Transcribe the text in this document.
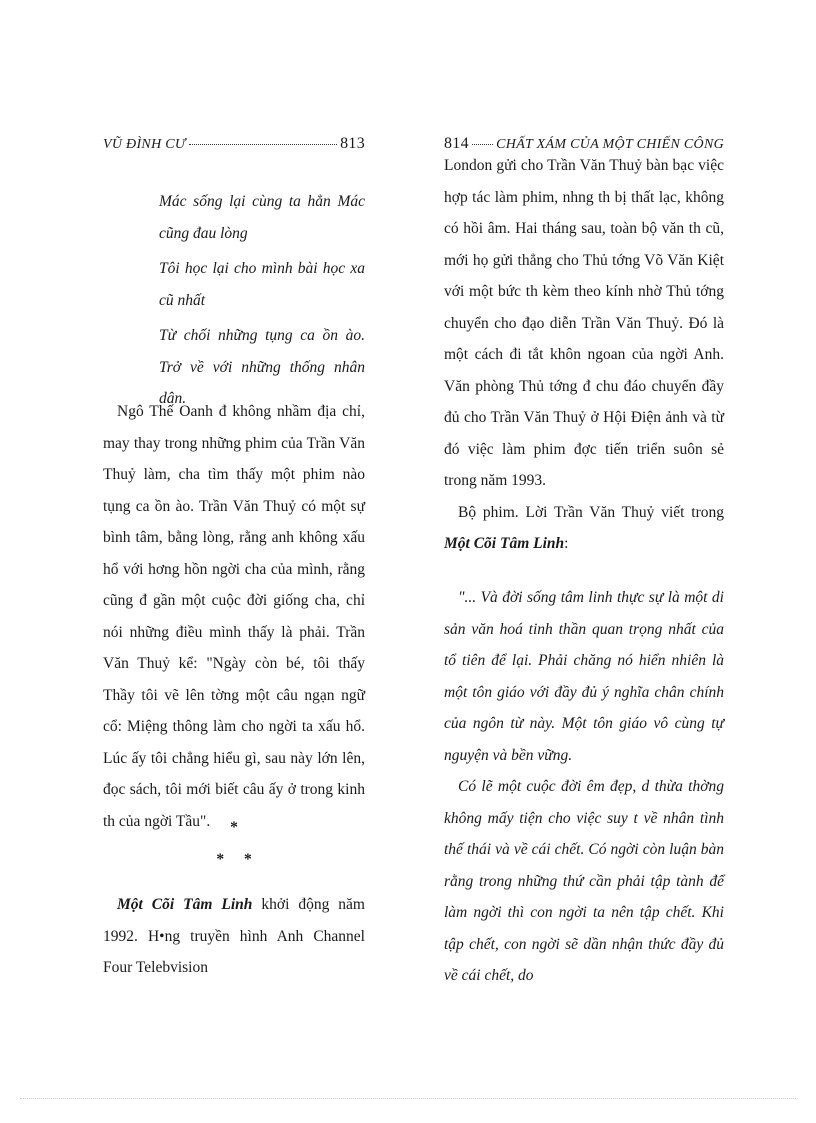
VŨ ĐÌNH CƯ	813

Mác sống lại cùng ta hẳn Mác cũng đau lòng

Tôi học lại cho mình bài học xa cũ nhất

Từ chối những tụng ca ồn ào. Trở về với những thống nhân dân.

Ngô Thế Oanh đ không nhầm địa chỉ, may thay trong những phim của Trần Văn Thuỷ làm, cha tìm thấy một phim nào tụng ca ồn ào. Trần Văn Thuỷ có một sự bình tâm, bằng lòng, rằng anh không xấu hổ với hơng hồn ngời cha của mình, rằng cũng đ gần một cuộc đời giống cha, chỉ nói những điều mình thấy là phải. Trần Văn Thuỷ kể: "Ngày còn bé, tôi thấy Thầy tôi vẽ lên tờng một câu ngạn ngữ cổ: Miệng thông làm cho ngời ta xấu hổ. Lúc ấy tôi chẳng hiểu gì, sau này lớn lên, đọc sách, tôi mới biết câu ấy ở trong kinh th của ngời Tầu".	*

* *

Một Cõi Tâm Linh khởi động năm 1992. H•ng truyền hình Anh Channel Four Telebvision

814 CHẤT XÁM CỦA MỘT CHIẾN CÔNG

London gửi cho Trần Văn Thuỷ bàn bạc việc hợp tác làm phim, nhng th bị thất lạc, không có hồi âm. Hai tháng sau, toàn bộ văn th cũ, mới họ gửi thẳng cho Thủ tớng Võ Văn Kiệt với một bức th kèm theo kính nhờ Thủ tớng chuyển cho đạo diễn Trần Văn Thuỷ. Đó là một cách đi tắt khôn ngoan của ngời Anh. Văn phòng Thủ tớng đ chu đáo chuyển đầy đủ cho Trần Văn Thuỷ ở Hội Điện ảnh và từ đó việc làm phim đợc tiến triển suôn sẻ trong năm 1993.

Bộ phim. Lời Trần Văn Thuỷ viết trong Một Cõi Tâm Linh:

"... Và đời sống tâm linh thực sự là một di sản văn hoá tinh thần quan trọng nhất của tổ tiên để lại. Phải chăng nó hiển nhiên là một tôn giáo với đầy đủ ý nghĩa chân chính của ngôn từ này. Một tôn giáo vô cùng tự nguyện và bền vững.

Có lẽ một cuộc đời êm đẹp, d thừa thờng không mấy tiện cho việc suy t về nhân tình thế thái và về cái chết. Có ngời còn luận bàn rằng trong những thứ cần phải tập tành để làm ngời thì con ngời ta nên tập chết. Khi tập chết, con ngời sẽ dần nhận thức đầy đủ về cái chết, do
